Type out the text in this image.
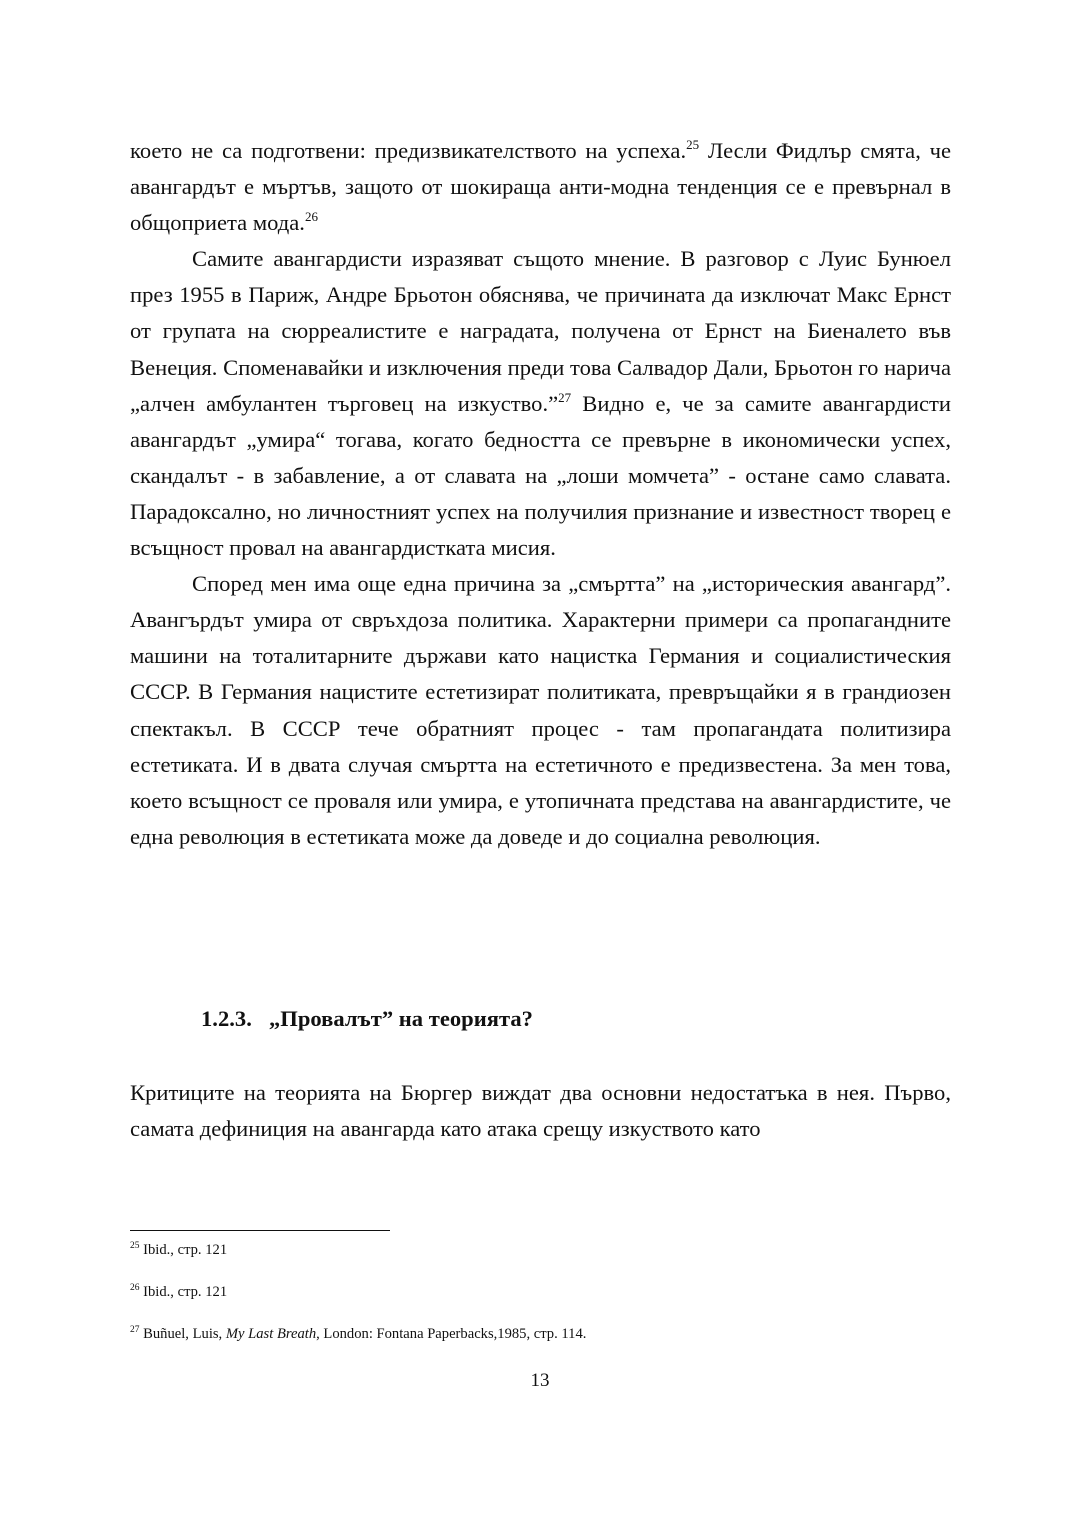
което не са подготвени: предизвикателството на успеха.$^{25}$ Лесли Фидлър смята, че авангардът е мъртъв, защото от шокираща анти-модна тенденция се е превърнал в общоприета мода.$^{26}$

Самите авангардисти изразяват същото мнение. В разговор с Луис Бунюел през 1955 в Париж, Андре Брьотон обяснява, че причината да изключат Макс Ернст от групата на сюрреалистите е наградата, получена от Ернст на Биеналето във Венеция. Споменавайки и изключения преди това Салвадор Дали, Брьотон го нарича „алчен амбулантен търговец на изкуство.”$^{27}$ Видно е, че за самите авангардисти авангардът „умира“ тогава, когато бедността се превърне в икономически успех, скандалът - в забавление, а от славата на „лоши момчета” - остане само славата. Парадоксално, но личностният успех на получилия признание и известност творец е всъщност провал на авангардистката мисия.

Според мен има още една причина за „смъртта” на „историческия авангард”. Авангърдът умира от свръхдоза политика. Характерни примери са пропагандните машини на тоталитарните държави като нацистка Германия и социалистическия СССР. В Германия нацистите естетизират политиката, превръщайки я в грандиозен спектакъл. В СССР тече обратният процес - там пропагандата политизира естетиката. И в двата случая смъртта на естетичното е предизвестена. За мен това, което всъщност се проваля или умира, е утопичната представа на авангардистите, че една революция в естетиката може да доведе и до социална революция.

1.2.3. „Провалът” на теорията?

Критиците на теорията на Бюргер виждат два основни недостатъка в нея. Първо, самата дефиниция на авангарда като атака срещу изкуството като

$^{25}$ Ibid., стр. 121
$^{26}$ Ibid., стр. 121
$^{27}$ Buñuel, Luis, My Last Breath, London: Fontana Paperbacks,1985, стр. 114.
13
